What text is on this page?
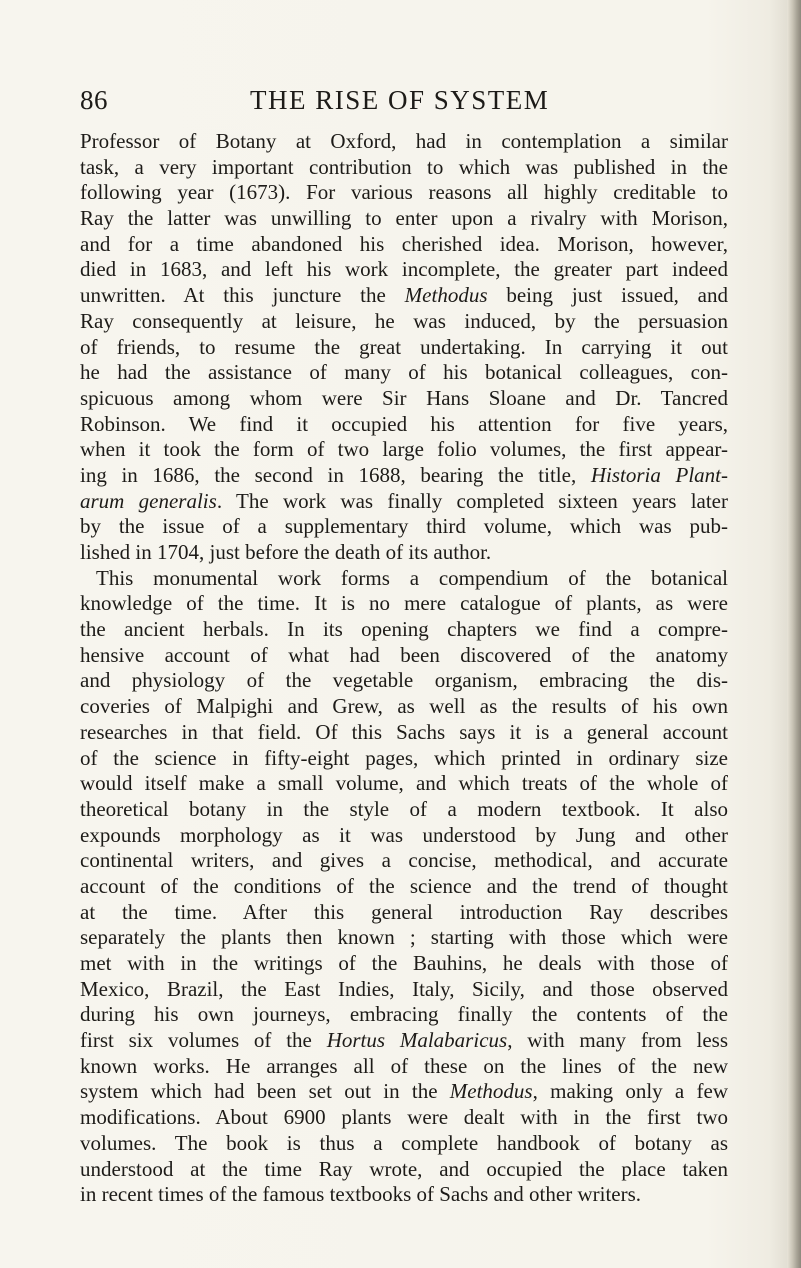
86	THE RISE OF SYSTEM
Professor of Botany at Oxford, had in contemplation a similar
task, a very important contribution to which was published in the
following year (1673). For various reasons all highly creditable to
Ray the latter was unwilling to enter upon a rivalry with Morison,
and for a time abandoned his cherished idea. Morison, however,
died in 1683, and left his work incomplete, the greater part indeed
unwritten. At this juncture the Methodus being just issued, and
Ray consequently at leisure, he was induced, by the persuasion
of friends, to resume the great undertaking. In carrying it out
he had the assistance of many of his botanical colleagues, con-
spicuous among whom were Sir Hans Sloane and Dr. Tancred
Robinson. We find it occupied his attention for five years,
when it took the form of two large folio volumes, the first appear-
ing in 1686, the second in 1688, bearing the title, Historia Plant-
arum generalis. The work was finally completed sixteen years later
by the issue of a supplementary third volume, which was pub-
lished in 1704, just before the death of its author.
This monumental work forms a compendium of the botanical
knowledge of the time. It is no mere catalogue of plants, as were
the ancient herbals. In its opening chapters we find a compre-
hensive account of what had been discovered of the anatomy
and physiology of the vegetable organism, embracing the dis-
coveries of Malpighi and Grew, as well as the results of his own
researches in that field. Of this Sachs says it is a general account
of the science in fifty-eight pages, which printed in ordinary size
would itself make a small volume, and which treats of the whole of
theoretical botany in the style of a modern textbook. It also
expounds morphology as it was understood by Jung and other
continental writers, and gives a concise, methodical, and accurate
account of the conditions of the science and the trend of thought
at the time. After this general introduction Ray describes
separately the plants then known ; starting with those which were
met with in the writings of the Bauhins, he deals with those of
Mexico, Brazil, the East Indies, Italy, Sicily, and those observed
during his own journeys, embracing finally the contents of the
first six volumes of the Hortus Malabaricus, with many from less
known works. He arranges all of these on the lines of the new
system which had been set out in the Methodus, making only a few
modifications. About 6900 plants were dealt with in the first two
volumes. The book is thus a complete handbook of botany as
understood at the time Ray wrote, and occupied the place taken
in recent times of the famous textbooks of Sachs and other writers.
